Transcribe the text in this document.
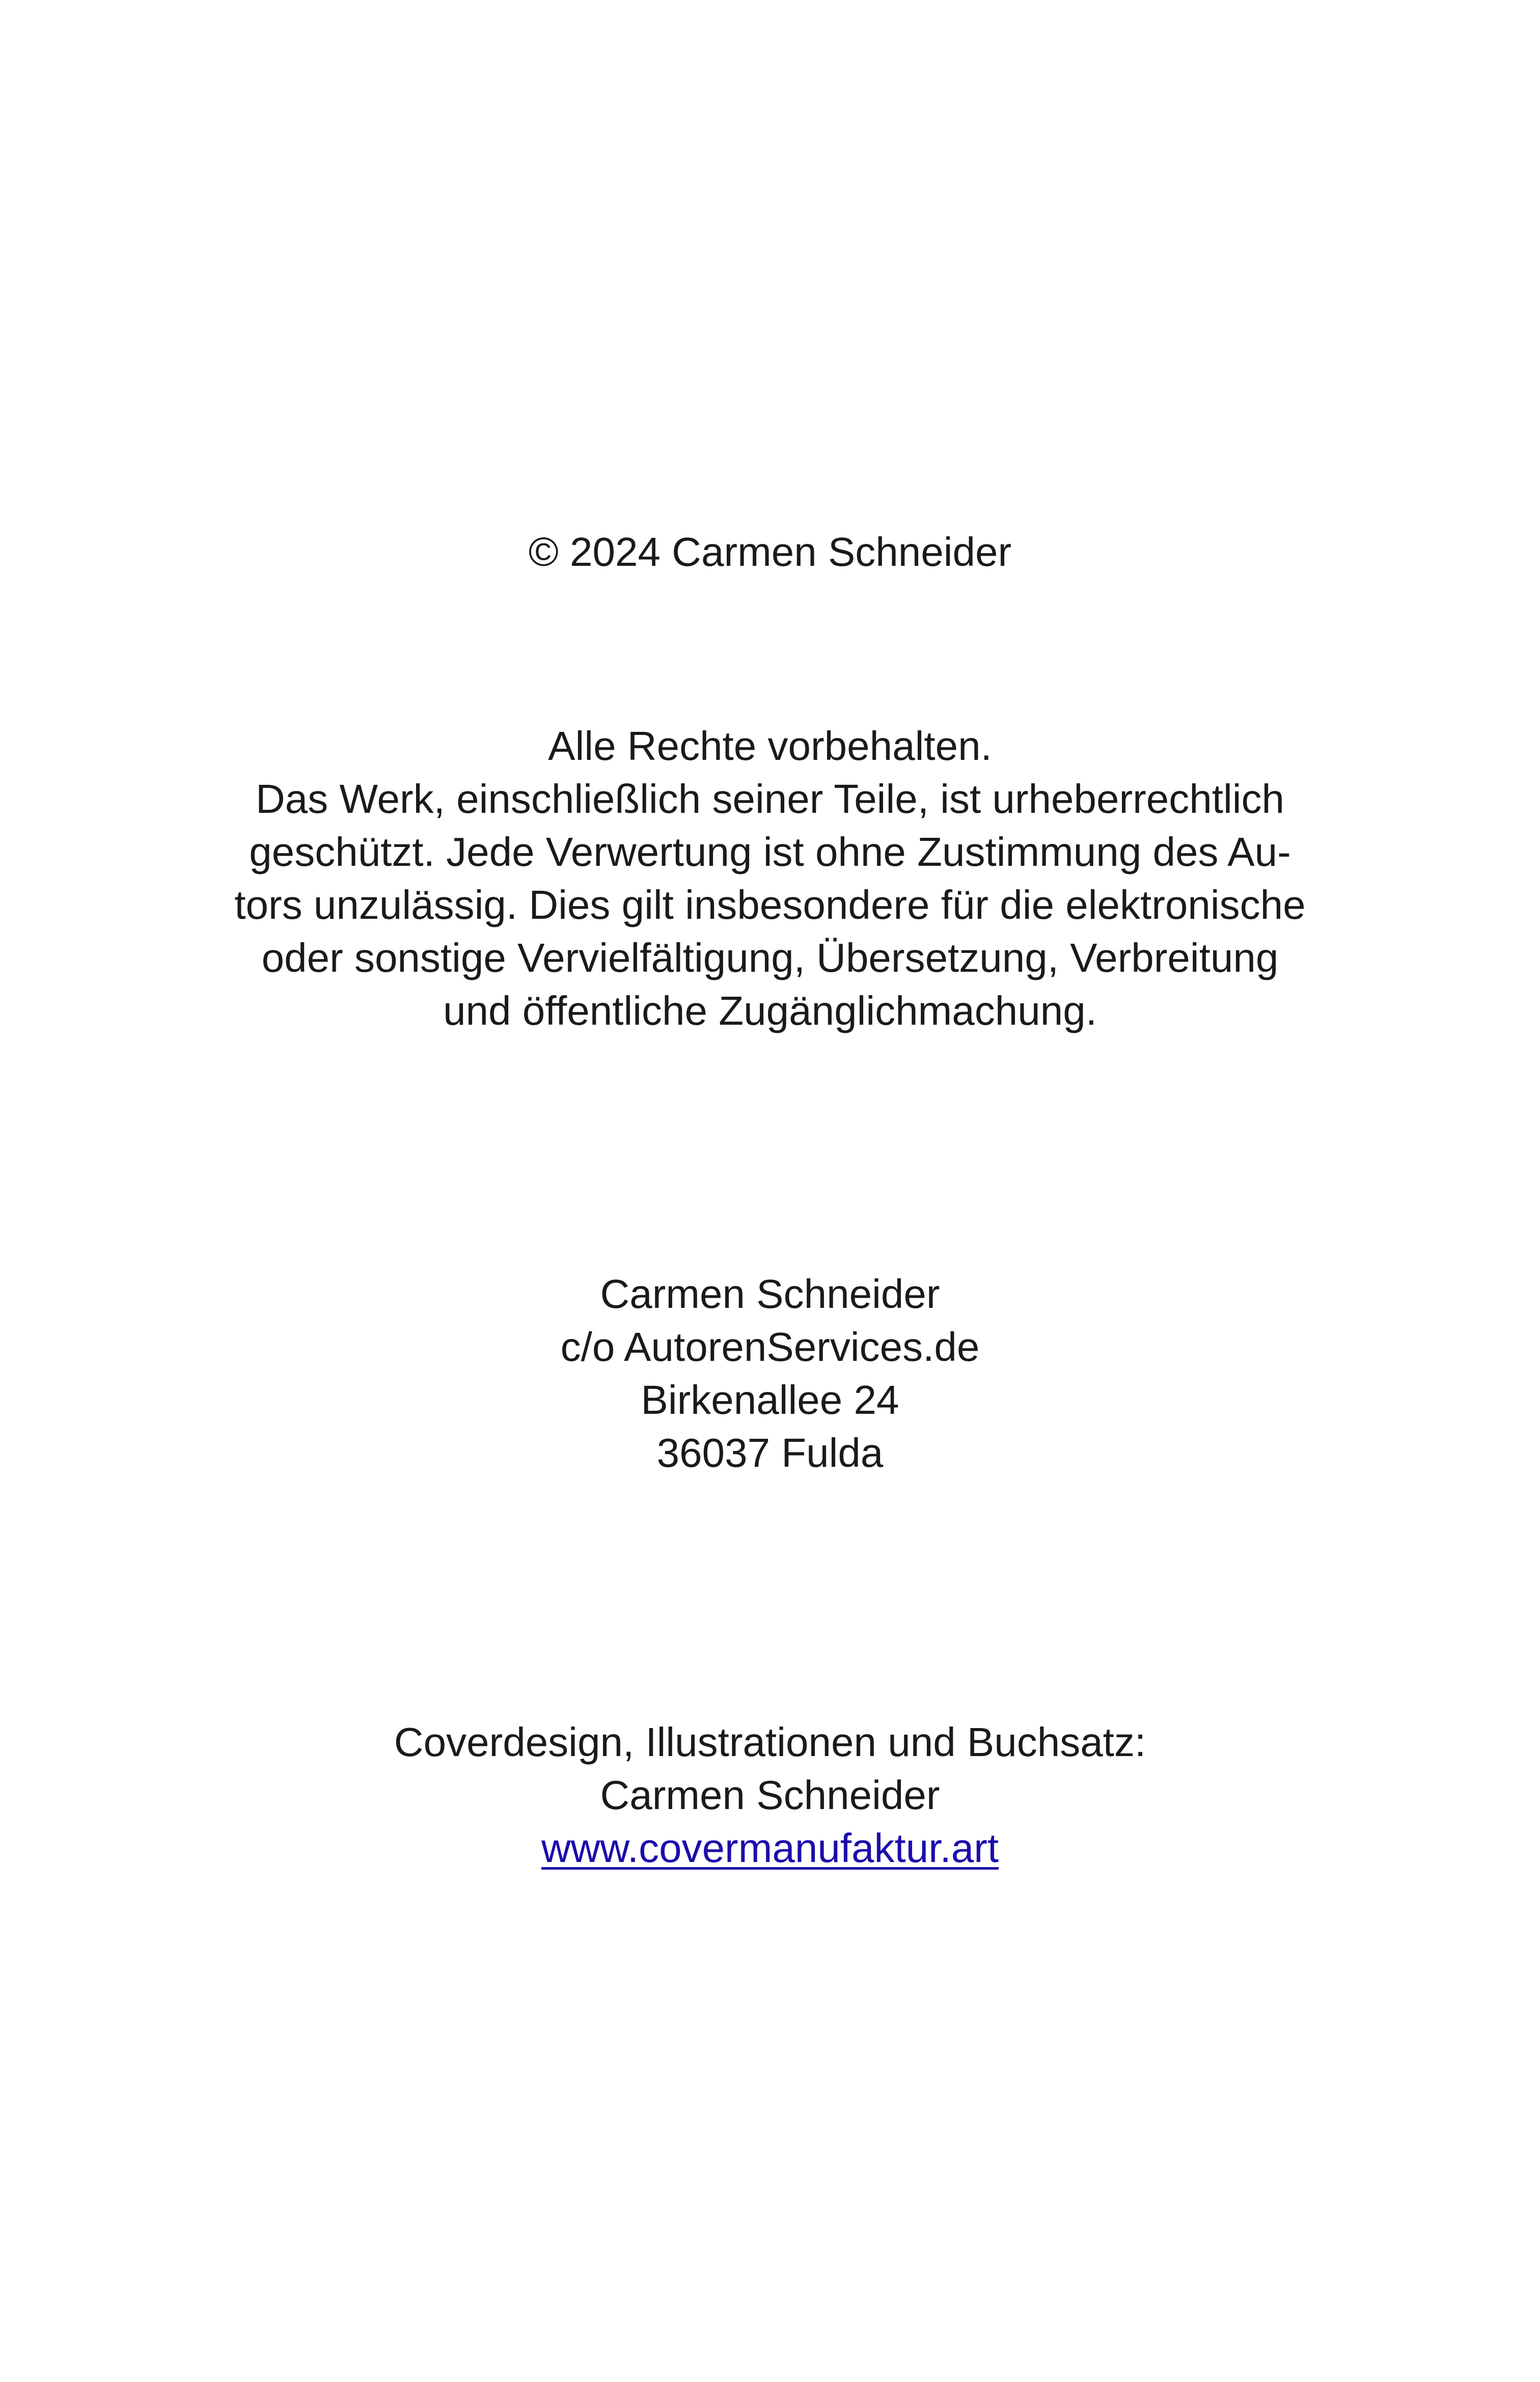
© 2024 Carmen Schneider
Alle Rechte vorbehalten.
Das Werk, einschließlich seiner Teile, ist urheberrechtlich
geschützt. Jede Verwertung ist ohne Zustimmung des Au-
tors unzulässig. Dies gilt insbesondere für die elektronische
oder sonstige Vervielfältigung, Übersetzung, Verbreitung
und öffentliche Zugänglichmachung.
Carmen Schneider
c/o AutorenServices.de
Birkenallee 24
36037 Fulda
Coverdesign, Illustrationen und Buchsatz:
Carmen Schneider
www.covermanufaktur.art
